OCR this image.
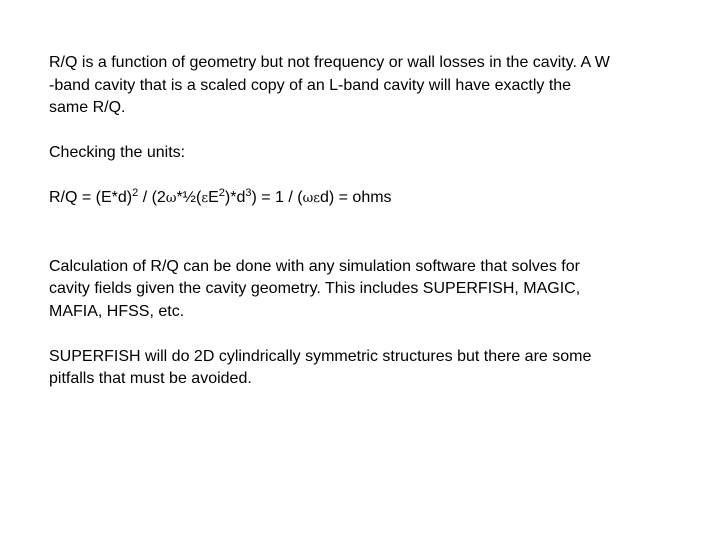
R/Q is a function of geometry but not frequency or wall losses in the cavity. A W
-band cavity that is a scaled copy of an L-band cavity will have exactly the
same R/Q.

Checking the units:

$R/Q = (E*d)^2$ / $(2\omega*\frac{1}{2}(\varepsilon E^2)*d^3) = 1 / (\omega\varepsilon d)$ = ohms

Calculation of R/Q can be done with any simulation software that solves for
cavity fields given the cavity geometry. This includes SUPERFISH, MAGIC,
MAFIA, HFSS, etc.

SUPERFISH will do 2D cylindrically symmetric structures but there are some
pitfalls that must be avoided.
